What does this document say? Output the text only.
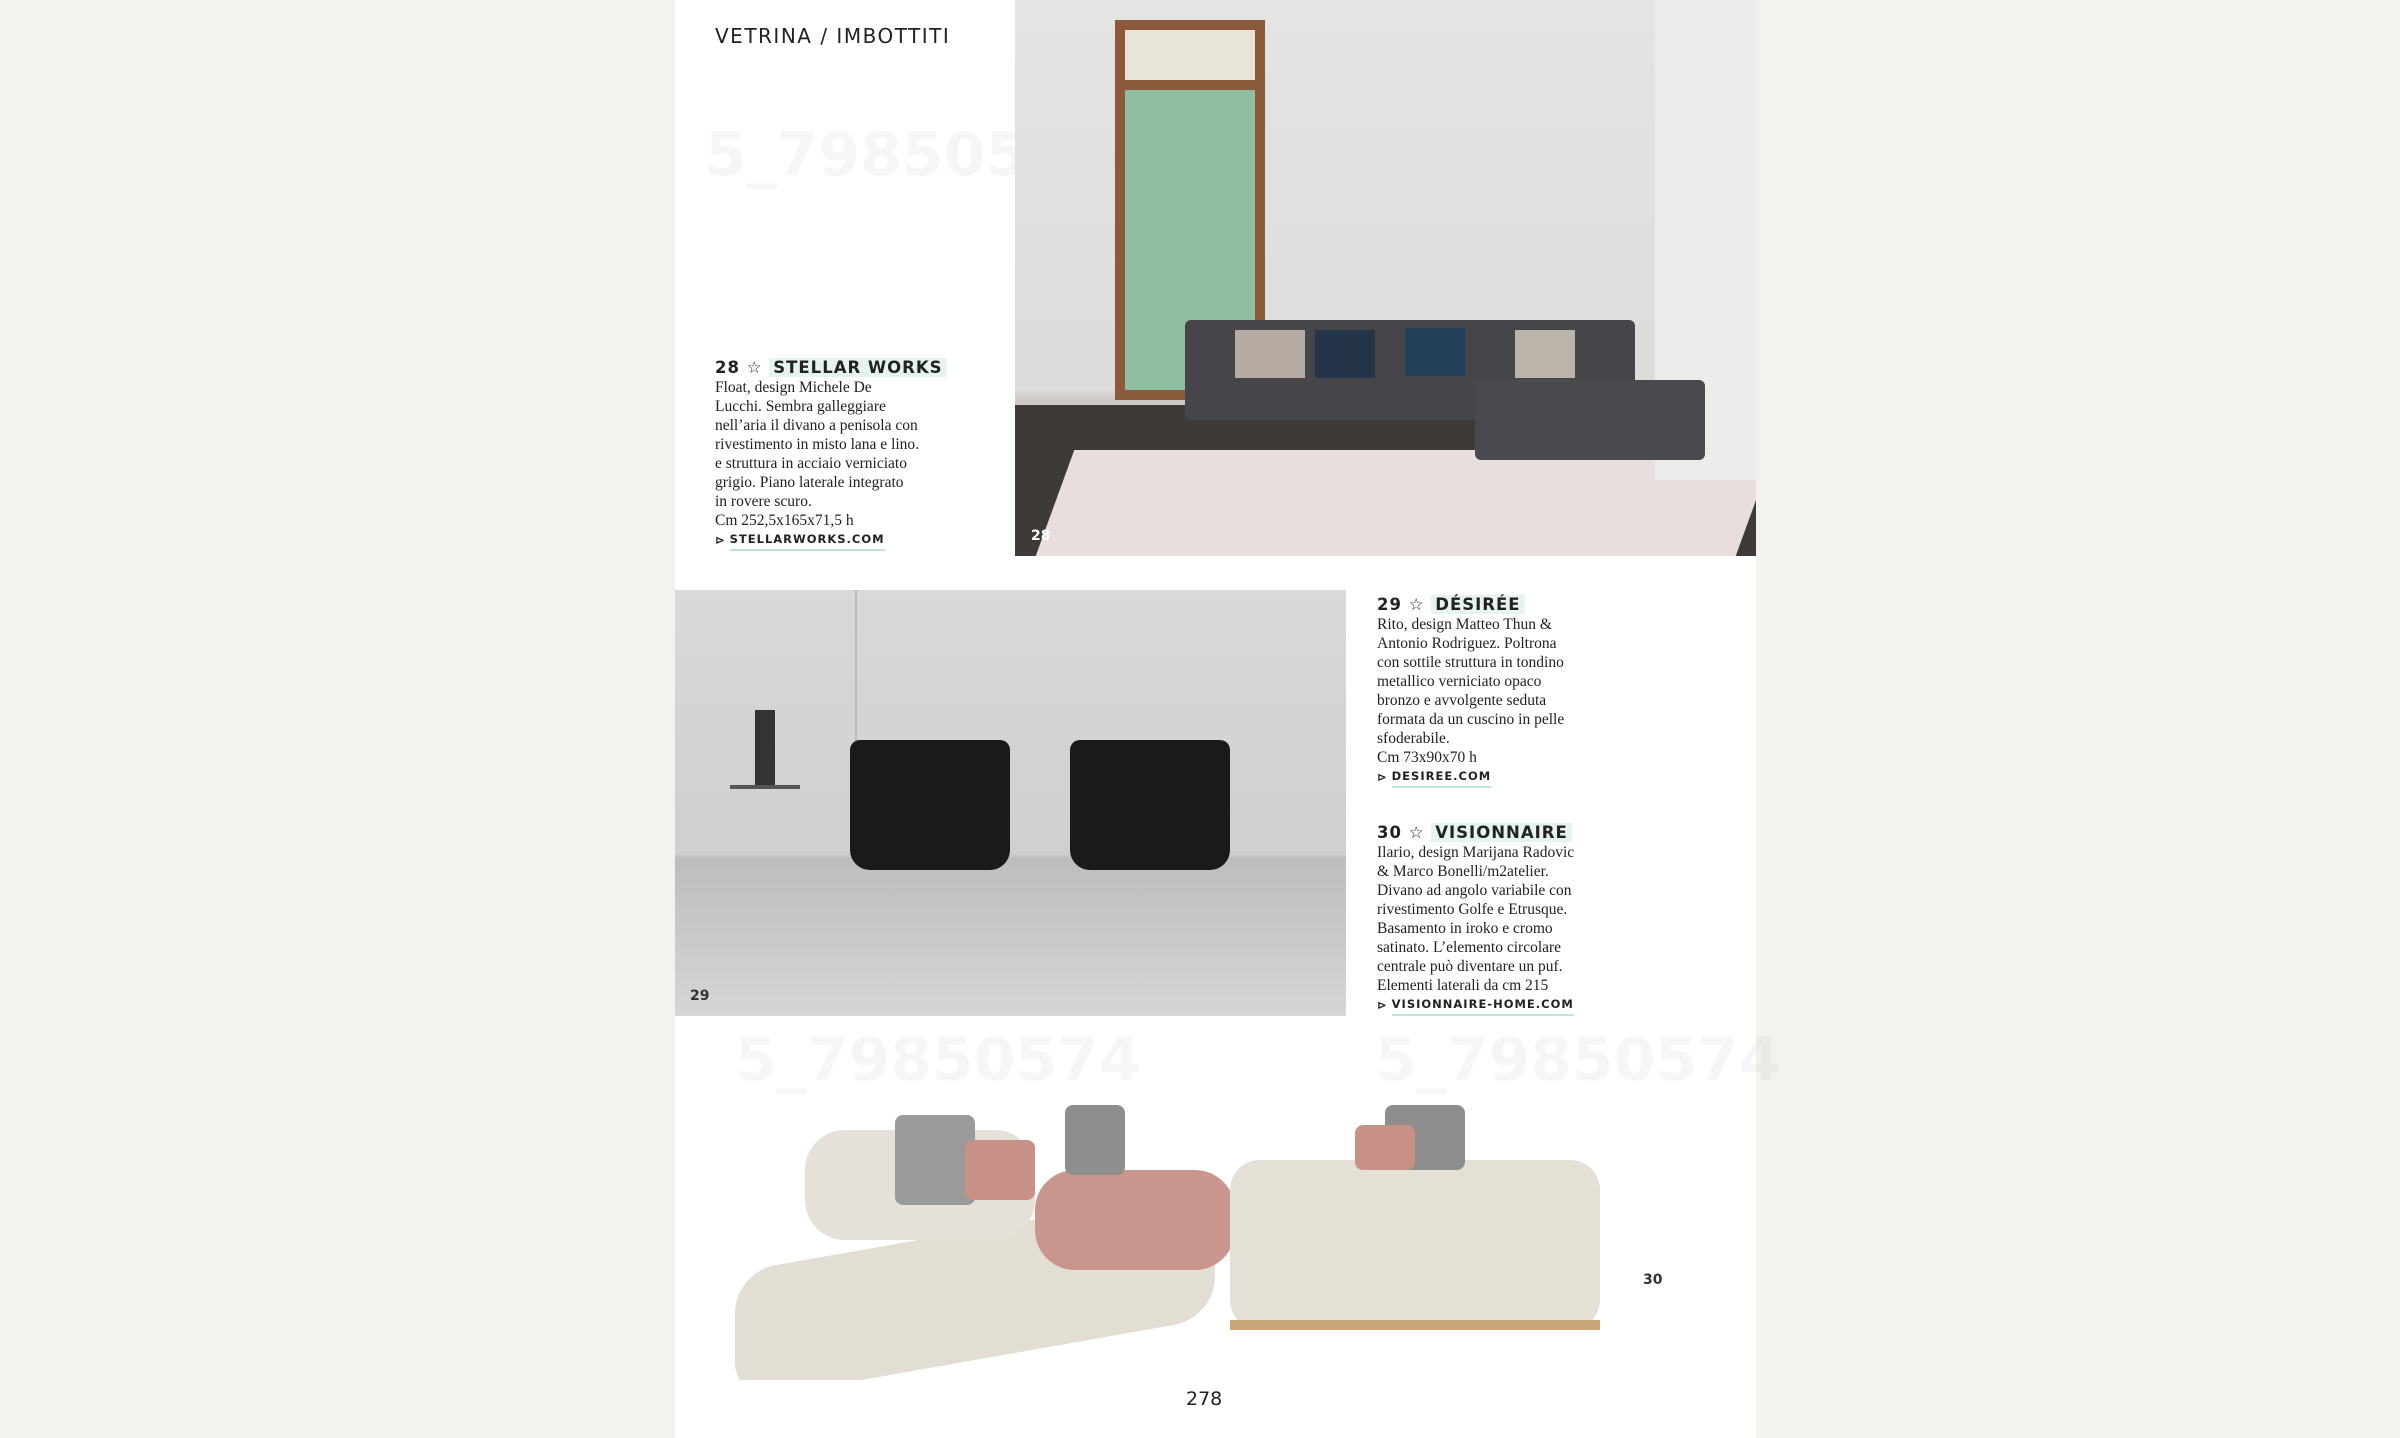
VETRINA / IMBOTTITI
28
28 ☆ STELLAR WORKS
Float, design Michele De
Lucchi. Sembra galleggiare
nell’aria il divano a penisola con
rivestimento in misto lana e lino.
e struttura in acciaio verniciato
grigio. Piano laterale integrato
in rovere scuro.
Cm 252,5x165x71,5 h
⊳ STELLARWORKS.COM
29
29 ☆ DÉSIRÉE
Rito, design Matteo Thun &
Antonio Rodriguez. Poltrona
con sottile struttura in tondino
metallico verniciato opaco
bronzo e avvolgente seduta
formata da un cuscino in pelle
sfoderabile.
Cm 73x90x70 h
⊳ DESIREE.COM
30 ☆ VISIONNAIRE
Ilario, design Marijana Radovic
& Marco Bonelli/m2atelier.
Divano ad angolo variabile con
rivestimento Golfe e Etrusque.
Basamento in iroko e cromo
satinato. L’elemento circolare
centrale può diventare un puf.
Elementi laterali da cm 215
⊳ VISIONNAIRE-HOME.COM
30
278
